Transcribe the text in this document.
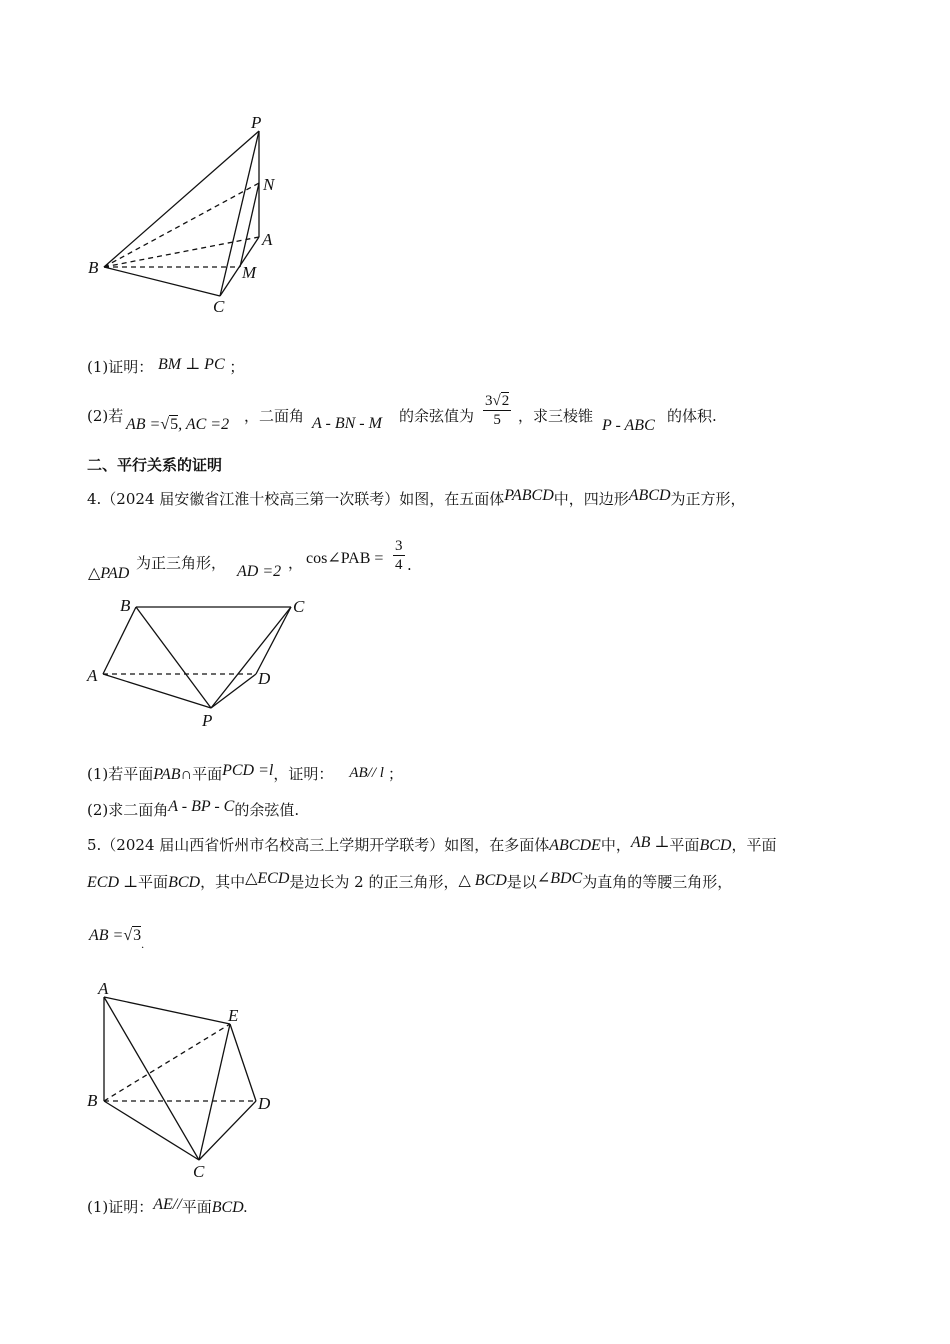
P
N
A
M
B
C
(1)证明： BM ⊥ PC ；
(2)若 AB =√5, AC =2 ，二面角 A - BN - M 的余弦值为 $\frac{3√2}{5}$ ，求三棱锥
P - ABC
的体积.
二、平行关系的证明
4.（2024 届安徽省江淮十校高三第一次联考）如图，在五面体PABCD中，四边形ABCD为正方形，
△PAD
为正三角形， AD =2 ， cos∠PAB = $\frac{3}{4}$ .
B	C
A	D
P
(1)若平面PAB∩平面PCD =l，证明： AB// l ；
(2)求二面角A - BP - C的余弦值.
5.（2024 届山西省忻州市名校高三上学期开学联考）如图，在多面体ABCDE中，AB ⊥平面BCD，平面
ECD ⊥平面BCD，其中△ECD是边长为 2 的正三角形，△ BCD是以∠BDC为直角的等腰三角形，
AB $=√3_.$
A
E
B	D
C
(1)证明：AE//平面BCD.
